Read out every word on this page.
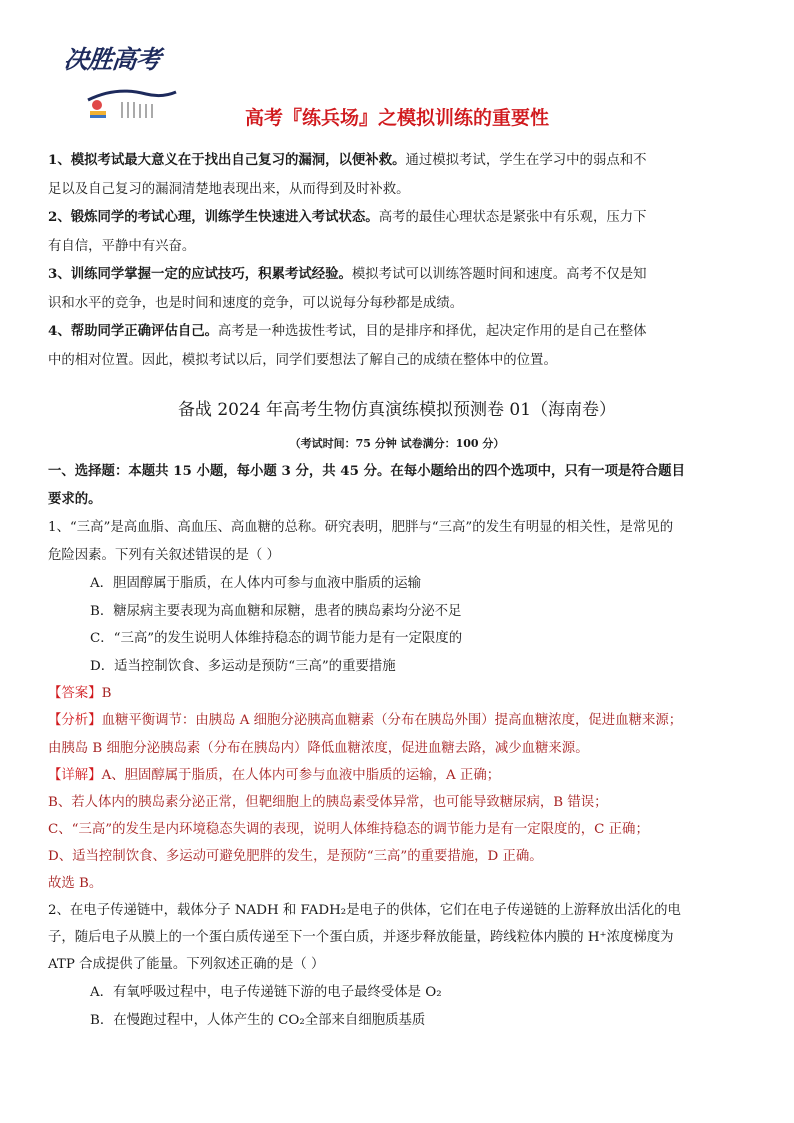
决胜高考
高考『练兵场』之模拟训练的重要性
1、模拟考试最大意义在于找出自己复习的漏洞，以便补救。通过模拟考试，学生在学习中的弱点和不
足以及自己复习的漏洞清楚地表现出来，从而得到及时补救。
2、锻炼同学的考试心理，训练学生快速进入考试状态。高考的最佳心理状态是紧张中有乐观，压力下
有自信，平静中有兴奋。
3、训练同学掌握一定的应试技巧，积累考试经验。模拟考试可以训练答题时间和速度。高考不仅是知
识和水平的竞争，也是时间和速度的竞争，可以说每分每秒都是成绩。
4、帮助同学正确评估自己。高考是一种选拔性考试，目的是排序和择优，起决定作用的是自己在整体
中的相对位置。因此，模拟考试以后，同学们要想法了解自己的成绩在整体中的位置。
备战 2024 年高考生物仿真演练模拟预测卷 01（海南卷）
（考试时间：75 分钟 试卷满分：100 分）
一、选择题：本题共 15 小题，每小题 3 分，共 45 分。在每小题给出的四个选项中，只有一项是符合题目
要求的。
1、“三高”是高血脂、高血压、高血糖的总称。研究表明，肥胖与“三高”的发生有明显的相关性，是常见的
危险因素。下列有关叙述错误的是（ ）
A．胆固醇属于脂质，在人体内可参与血液中脂质的运输
B．糖尿病主要表现为高血糖和尿糖，患者的胰岛素均分泌不足
C．“三高”的发生说明人体维持稳态的调节能力是有一定限度的
D．适当控制饮食、多运动是预防“三高”的重要措施
【答案】B
【分析】血糖平衡调节：由胰岛 A 细胞分泌胰高血糖素（分布在胰岛外围）提高血糖浓度，促进血糖来源；
由胰岛 B 细胞分泌胰岛素（分布在胰岛内）降低血糖浓度，促进血糖去路，减少血糖来源。
【详解】A、胆固醇属于脂质，在人体内可参与血液中脂质的运输，A 正确；
B、若人体内的胰岛素分泌正常，但靶细胞上的胰岛素受体异常，也可能导致糖尿病，B 错误；
C、“三高”的发生是内环境稳态失调的表现，说明人体维持稳态的调节能力是有一定限度的，C 正确；
D、适当控制饮食、多运动可避免肥胖的发生，是预防“三高”的重要措施，D 正确。
故选 B。
2、在电子传递链中，载体分子 NADH 和 FADH₂是电子的供体，它们在电子传递链的上游释放出活化的电
子，随后电子从膜上的一个蛋白质传递至下一个蛋白质，并逐步释放能量，跨线粒体内膜的 H⁺浓度梯度为
ATP 合成提供了能量。下列叙述正确的是（ ）
A．有氧呼吸过程中，电子传递链下游的电子最终受体是 O₂
B．在慢跑过程中，人体产生的 CO₂全部来自细胞质基质
